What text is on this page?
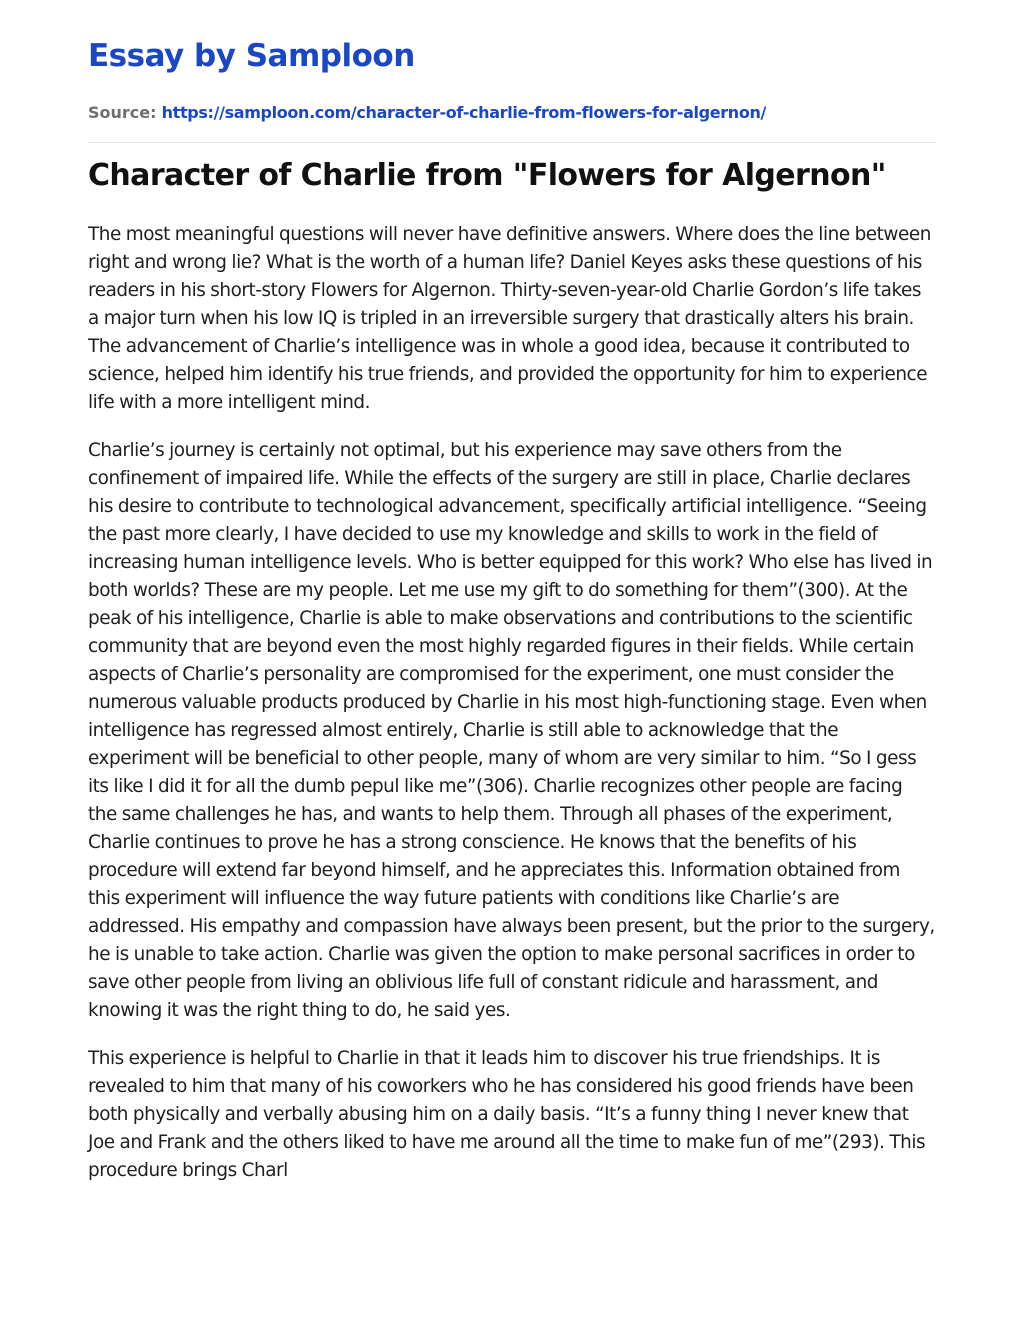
Essay by Samploon
Source: https://samploon.com/character-of-charlie-from-flowers-for-algernon/
Character of Charlie from "Flowers for Algernon"

The most meaningful questions will never have definitive answers. Where does the line between right and wrong lie? What is the worth of a human life? Daniel Keyes asks these questions of his readers in his short-story Flowers for Algernon. Thirty-seven-year-old Charlie Gordon’s life takes a major turn when his low IQ is tripled in an irreversible surgery that drastically alters his brain. The advancement of Charlie’s intelligence was in whole a good idea, because it contributed to science, helped him identify his true friends, and provided the opportunity for him to experience life with a more intelligent mind.

Charlie’s journey is certainly not optimal, but his experience may save others from the confinement of impaired life. While the effects of the surgery are still in place, Charlie declares his desire to contribute to technological advancement, specifically artificial intelligence. “Seeing the past more clearly, I have decided to use my knowledge and skills to work in the field of increasing human intelligence levels. Who is better equipped for this work? Who else has lived in both worlds? These are my people. Let me use my gift to do something for them”(300). At the peak of his intelligence, Charlie is able to make observations and contributions to the scientific community that are beyond even the most highly regarded figures in their fields. While certain aspects of Charlie’s personality are compromised for the experiment, one must consider the numerous valuable products produced by Charlie in his most high-functioning stage. Even when intelligence has regressed almost entirely, Charlie is still able to acknowledge that the experiment will be beneficial to other people, many of whom are very similar to him. “So I gess its like I did it for all the dumb pepul like me”(306). Charlie recognizes other people are facing the same challenges he has, and wants to help them. Through all phases of the experiment, Charlie continues to prove he has a strong conscience. He knows that the benefits of his procedure will extend far beyond himself, and he appreciates this. Information obtained from this experiment will influence the way future patients with conditions like Charlie’s are addressed. His empathy and compassion have always been present, but the prior to the surgery, he is unable to take action. Charlie was given the option to make personal sacrifices in order to save other people from living an oblivious life full of constant ridicule and harassment, and knowing it was the right thing to do, he said yes.

This experience is helpful to Charlie in that it leads him to discover his true friendships. It is revealed to him that many of his coworkers who he has considered his good friends have been both physically and verbally abusing him on a daily basis. “It’s a funny thing I never knew that Joe and Frank and the others liked to have me around all the time to make fun of me”(293). This procedure brings Charl
